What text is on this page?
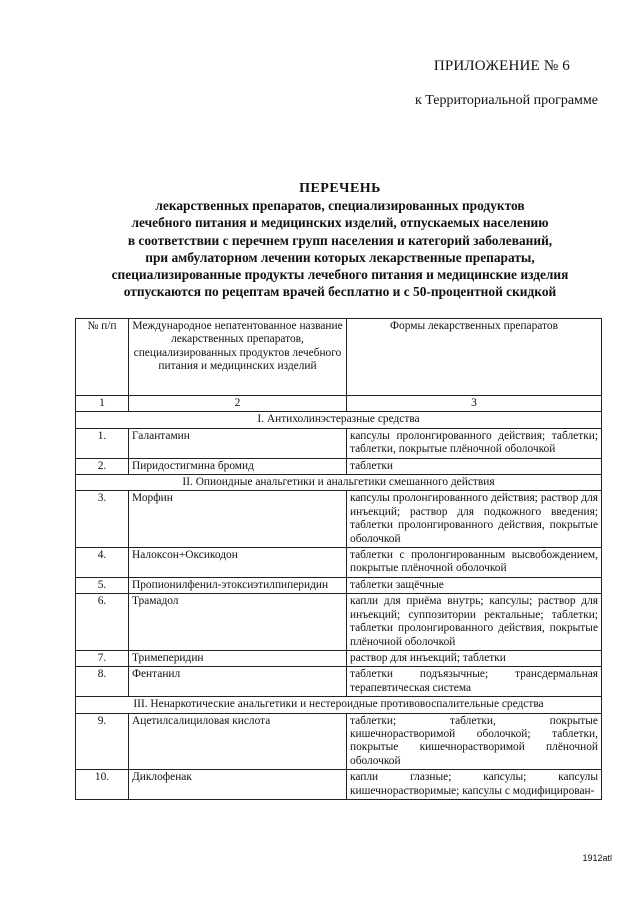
ПРИЛОЖЕНИЕ № 6
к Территориальной программе
ПЕРЕЧЕНЬ
лекарственных препаратов, специализированных продуктов
лечебного питания и медицинских изделий, отпускаемых населению
в соответствии с перечнем групп населения и категорий заболеваний,
при амбулаторном лечении которых лекарственные препараты,
специализированные продукты лечебного питания и медицинские изделия
отпускаются по рецептам врачей бесплатно и с 50-процентной скидкой
№ п/п	Международное непатентованное название лекарственных препаратов, специализированных продуктов лечебного питания и медицинских изделий	Формы лекарственных препаратов
1	2	3
I. Антихолинэстеразные средства		
1.	Галантамин	капсулы пролонгированного действия; таблетки; таблетки, покрытые плёночной оболочкой
2.	Пиридостигмина бромид	таблетки
II. Опиоидные анальгетики и анальгетики смешанного действия		
3.	Морфин	капсулы пролонгированного действия; раствор для инъекций; раствор для подкожного введения; таблетки пролонгированного действия, покрытые оболочкой
4.	Налоксон+Оксикодон	таблетки с пролонгированным высвобождением, покрытые плёночной оболочкой
5.	Пропионилфенил-этоксиэтилпиперидин	таблетки защёчные
6.	Трамадол	капли для приёма внутрь; капсулы; раствор для инъекций; суппозитории ректальные; таблетки; таблетки пролонгированного действия, покрытые плёночной оболочкой
7.	Тримеперидин	раствор для инъекций; таблетки
8.	Фентанил	таблетки подъязычные; трансдермальная терапевтическая система
III. Ненаркотические анальгетики и нестероидные противовоспалительные средства		
9.	Ацетилсалициловая кислота	таблетки; таблетки, покрытые кишечнорастворимой оболочкой; таблетки, покрытые кишечнорастворимой плёночной оболочкой
10.	Диклофенак	капли глазные; капсулы; капсулы кишечнорастворимые; капсулы с модифицирован-
1912atl
